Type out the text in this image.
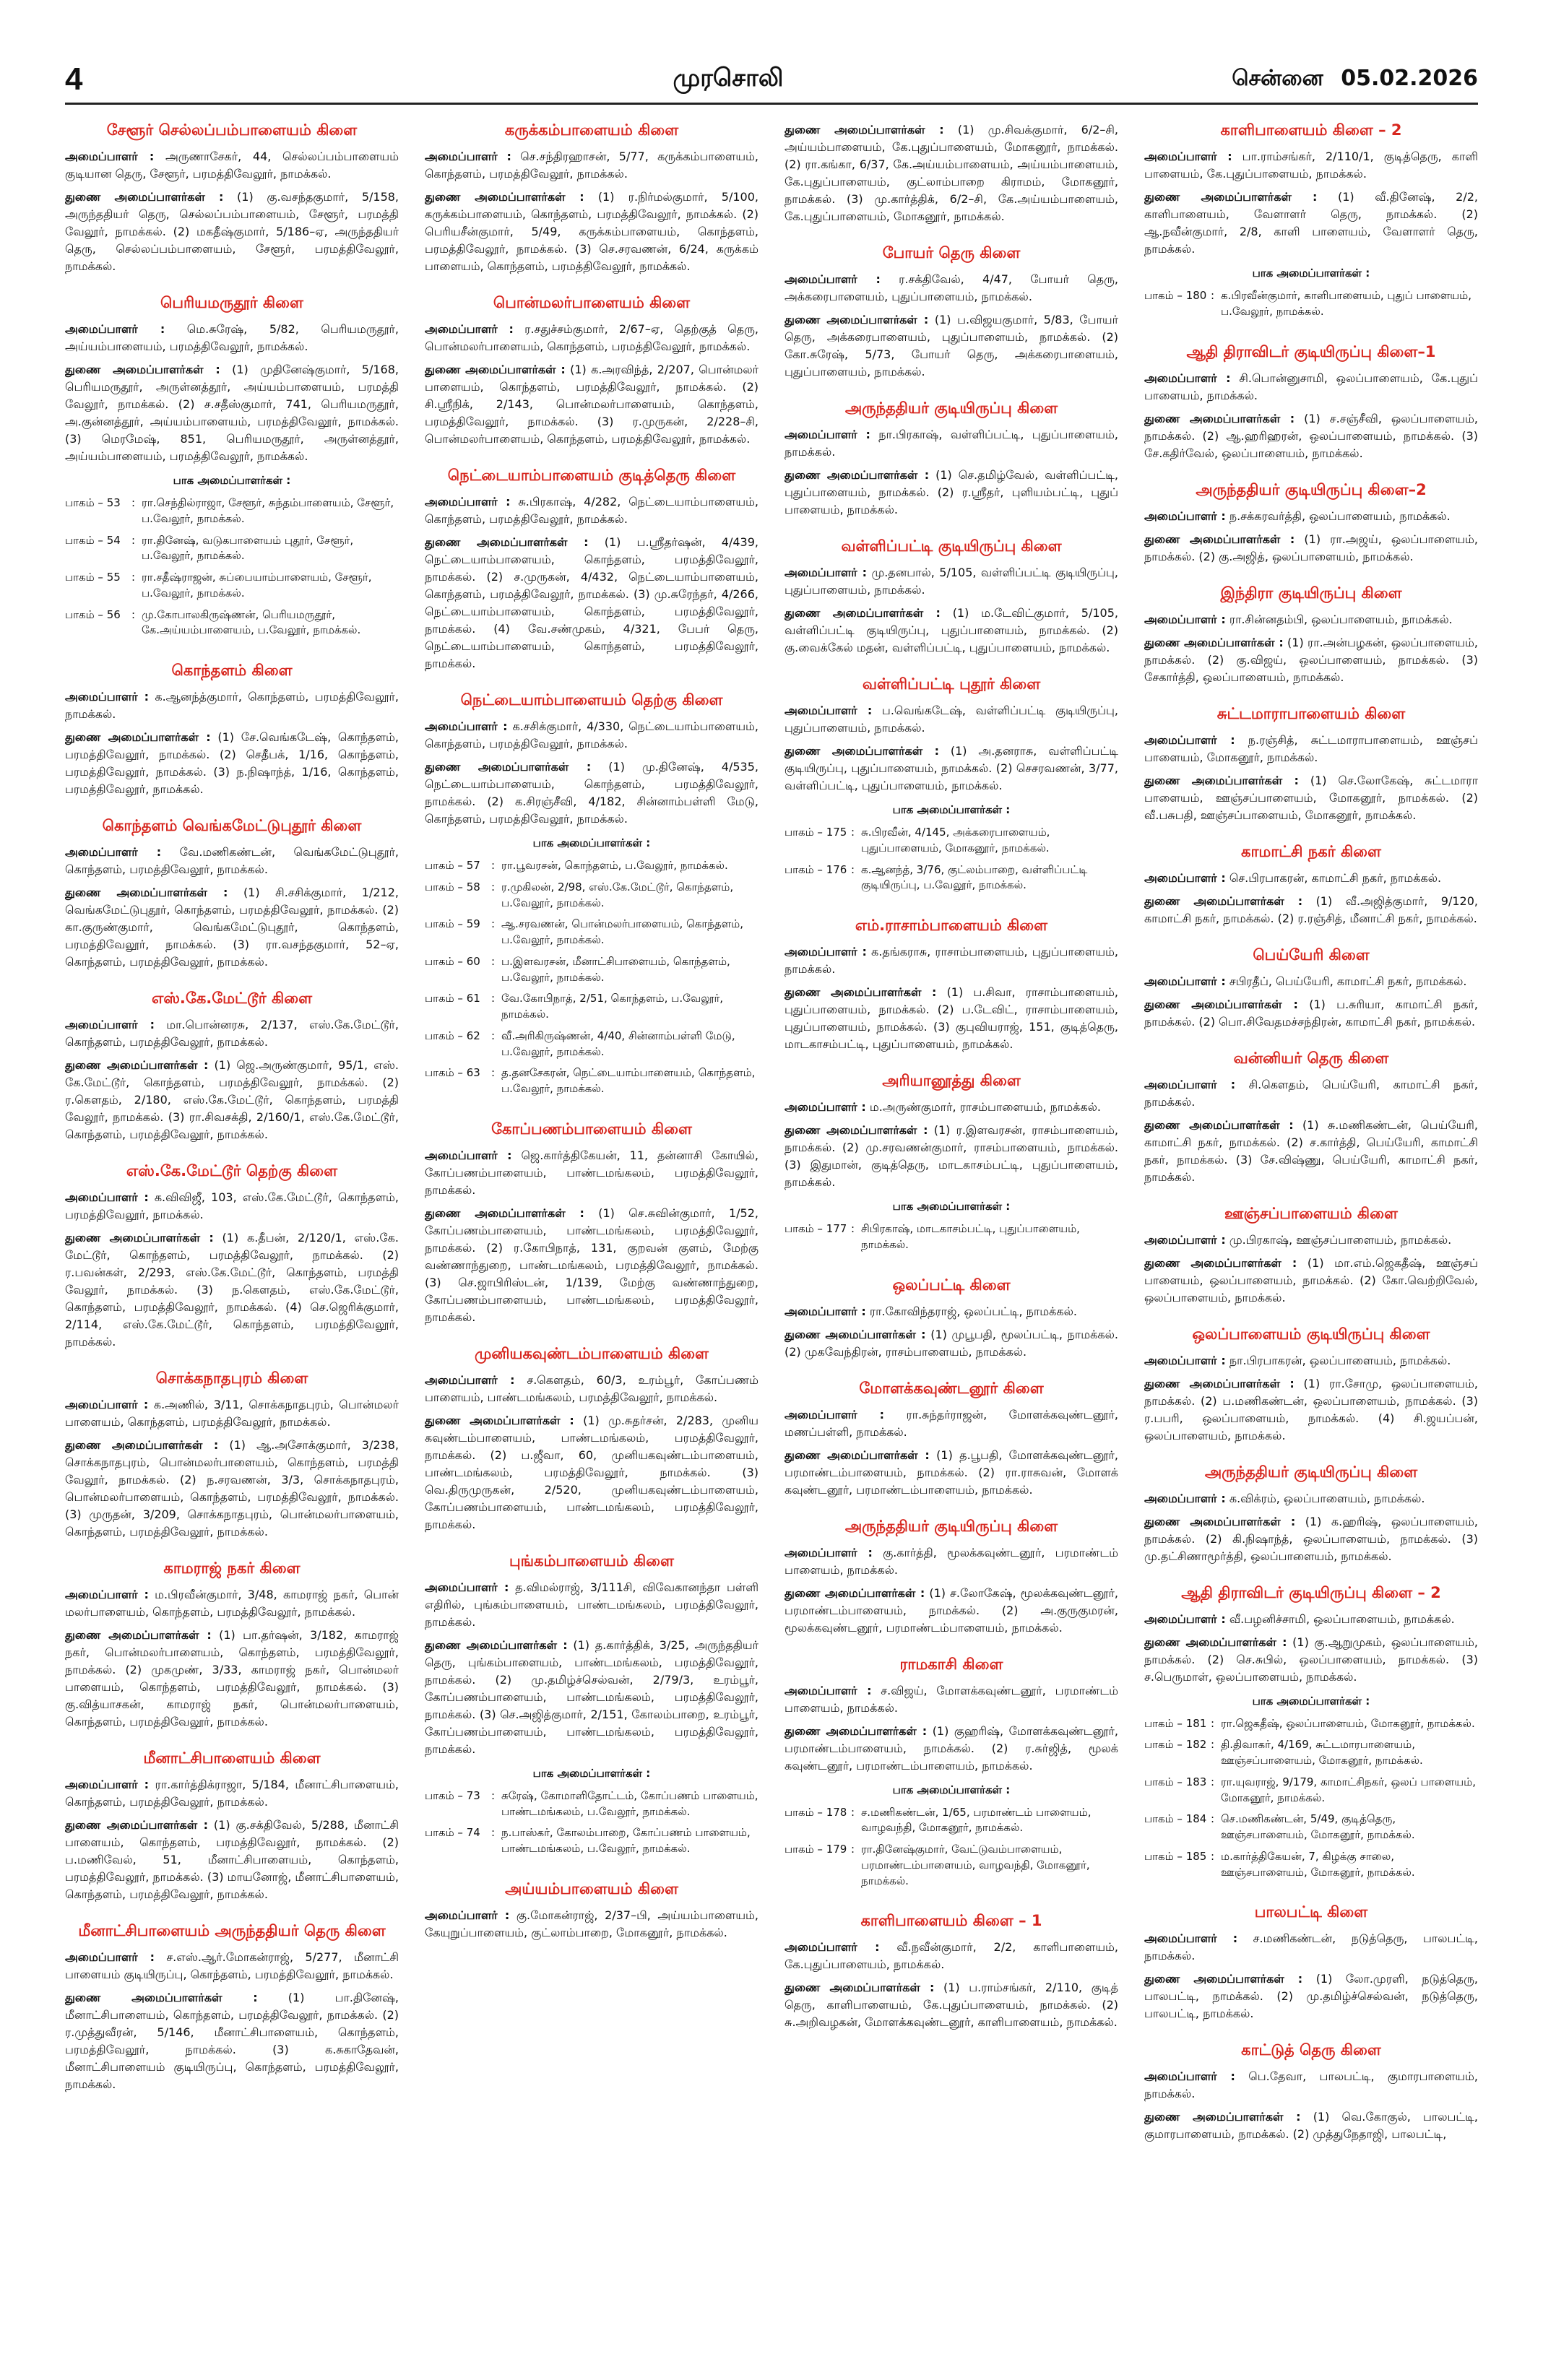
4	முரசொலி	சென்னை 05.02.2026
சேளூர் செல்லப்பம்பாளையம் கிளை

அமைப்பாளர் : அருணாசேகர், 44, செல்லப்பம்பாளையம் குடியான தெரு, சேளூர், பரமத்திவேலூர், நாமக்கல்.

துணை அமைப்பாளர்கள் : (1) கு.வசந்தகுமார், 5/158, அருந்ததியர் தெரு, செல்லப்பம்பாளையம், சேளூர், பரமத்தி வேலூர், நாமக்கல். (2) மகதீஷ்குமார், 5/186–ஏ, அருந்ததியர் தெரு, செல்லப்பம்பாளையம், சேளூர், பரமத்திவேலூர், நாமக்கல்.

பெரியமருதூர் கிளை

அமைப்பாளர் : மெ.சுரேஷ், 5/82, பெரியமருதூர், அய்யம்பாளையம், பரமத்திவேலூர், நாமக்கல்.

துணை அமைப்பாளர்கள் : (1) முதினேஷ்குமார், 5/168, பெரியமருதூர், அருள்னத்தூர், அய்யம்பாளையம், பரமத்தி வேலூர், நாமக்கல். (2) ச.சதீஸ்குமார், 741, பெரியமருதூர், அ.குன்னத்தூர், அய்யம்பாளையம், பரமத்திவேலூர், நாமக்கல். (3) மெரமேஷ், 851, பெரியமருதூர், அருள்னத்தூர், அய்யம்பாளையம், பரமத்திவேலூர், நாமக்கல்.

பாக அமைப்பாளர்கள் :
பாகம் – 53	:	ரா.செந்தில்ராஜா, சேளூர், சுந்தம்பாளையம், சேளூர், ப.வேலூர், நாமக்கல்.
பாகம் – 54	:	ரா.தினேஷ், வடுகபாளையம் புதூர், சேளூர், ப.வேலூர், நாமக்கல்.
பாகம் – 55	:	ரா.சதீஷ்ராஜன், சுப்பையாம்பாளையம், சேளூர், ப.வேலூர், நாமக்கல்.
பாகம் – 56	:	மு.கோபாலகிருஷ்ணன், பெரியமருதூர், கே.அய்யம்பாளையம், ப.வேலூர், நாமக்கல்.
கொந்தளம் கிளை

அமைப்பாளர் : க.ஆனந்த்குமார், கொந்தளம், பரமத்திவேலூர், நாமக்கல்.

துணை அமைப்பாளர்கள் : (1) சே.வெங்கடேஷ், கொந்தளம், பரமத்திவேலூர், நாமக்கல். (2) செதீபக், 1/16, கொந்தளம், பரமத்திவேலூர், நாமக்கல். (3) ந.நிஷாந்த், 1/16, கொந்தளம், பரமத்திவேலூர், நாமக்கல்.

கொந்தளம் வெங்கமேட்டுபுதூர் கிளை

அமைப்பாளர் : வே.மணிகண்டன், வெங்கமேட்டுபுதூர், கொந்தளம், பரமத்திவேலூர், நாமக்கல்.

துணை அமைப்பாளர்கள் : (1) சி.சசிக்குமார், 1/212, வெங்கமேட்டுபுதூர், கொந்தளம், பரமத்திவேலூர், நாமக்கல். (2) கா.குருண்குமார், வெங்கமேட்டுபுதூர், கொந்தளம், பரமத்திவேலூர், நாமக்கல். (3) ரா.வசந்தகுமார், 52–ஏ, கொந்தளம், பரமத்திவேலூர், நாமக்கல்.

எஸ்.கே.மேட்டூர் கிளை

அமைப்பாளர் : மா.பொன்னரசு, 2/137, எஸ்.கே.மேட்டூர், கொந்தளம், பரமத்திவேலூர், நாமக்கல்.

துணை அமைப்பாளர்கள் : (1) ஜெ.அருண்குமார், 95/1, எஸ். கே.மேட்டூர், கொந்தளம், பரமத்திவேலூர், நாமக்கல். (2) ர.கௌதம், 2/180, எஸ்.கே.மேட்டூர், கொந்தளம், பரமத்தி வேலூர், நாமக்கல். (3) ரா.சிவசக்தி, 2/160/1, எஸ்.கே.மேட்டூர், கொந்தளம், பரமத்திவேலூர், நாமக்கல்.

எஸ்.கே.மேட்டூர் தெற்கு கிளை

அமைப்பாளர் : க.விவிஜீ, 103, எஸ்.கே.மேட்டூர், கொந்தளம், பரமத்திவேலூர், நாமக்கல்.

துணை அமைப்பாளர்கள் : (1) க.தீபன், 2/120/1, எஸ்.கே. மேட்டூர், கொந்தளம், பரமத்திவேலூர், நாமக்கல். (2) ர.பவன்கள், 2/293, எஸ்.கே.மேட்டூர், கொந்தளம், பரமத்தி வேலூர், நாமக்கல். (3) ந.கௌதம், எஸ்.கே.மேட்டூர், கொந்தளம், பரமத்திவேலூர், நாமக்கல். (4) செ.ஜெரிக்குமார், 2/114, எஸ்.கே.மேட்டூர், கொந்தளம், பரமத்திவேலூர், நாமக்கல்.

சொக்கநாதபுரம் கிளை

அமைப்பாளர் : க.அணில், 3/11, சொக்கநாதபுரம், பொன்மலர் பாளையம், கொந்தளம், பரமத்திவேலூர், நாமக்கல்.

துணை அமைப்பாளர்கள் : (1) ஆ.அசோக்குமார், 3/238, சொக்கநாதபுரம், பொன்மலர்பாளையம், கொந்தளம், பரமத்தி வேலூர், நாமக்கல். (2) ந.சரவணன், 3/3, சொக்கநாதபுரம், பொன்மலர்பாளையம், கொந்தளம், பரமத்திவேலூர், நாமக்கல். (3) முருதன், 3/209, சொக்கநாதபுரம், பொன்மலர்பாளையம், கொந்தளம், பரமத்திவேலூர், நாமக்கல்.

காமராஜ் நகர் கிளை

அமைப்பாளர் : ம.பிரவீன்குமார், 3/48, காமராஜ் நகர், பொன் மலர்பாளையம், கொந்தளம், பரமத்திவேலூர், நாமக்கல்.

துணை அமைப்பாளர்கள் : (1) பா.தர்ஷன், 3/182, காமராஜ் நகர், பொன்மலர்பாளையம், கொந்தளம், பரமத்திவேலூர், நாமக்கல். (2) முகமுண், 3/33, காமராஜ் நகர், பொன்மலர் பாளையம், கொந்தளம், பரமத்திவேலூர், நாமக்கல். (3) கு.வித்யாசகன், காமராஜ் நகர், பொன்மலர்பாளையம், கொந்தளம், பரமத்திவேலூர், நாமக்கல்.

மீனாட்சிபாளையம் கிளை

அமைப்பாளர் : ரா.கார்த்திக்ராஜா, 5/184, மீனாட்சிபாளையம், கொந்தளம், பரமத்திவேலூர், நாமக்கல்.

துணை அமைப்பாளர்கள் : (1) கு.சக்திவேல், 5/288, மீனாட்சி பாளையம், கொந்தளம், பரமத்திவேலூர், நாமக்கல். (2) ப.மணிவேல், 51, மீனாட்சிபாளையம், கொந்தளம், பரமத்திவேலூர், நாமக்கல். (3) மாயனோஜ், மீனாட்சிபாளையம், கொந்தளம், பரமத்திவேலூர், நாமக்கல்.

மீனாட்சிபாளையம் அருந்ததியர் தெரு கிளை

அமைப்பாளர் : ச.எஸ்.ஆர்.மோகன்ராஜ், 5/277, மீனாட்சி பாளையம் குடியிருப்பு, கொந்தளம், பரமத்திவேலூர், நாமக்கல்.

துணை அமைப்பாளர்கள் :	(1) பா.தினேஷ், மீனாட்சிபாளையம், கொந்தளம், பரமத்திவேலூர், நாமக்கல். (2) ர.முத்துவீரன், 5/146, மீனாட்சிபாளையம், கொந்தளம், பரமத்திவேலூர், நாமக்கல். (3) க.சுகாதேவன், மீனாட்சிபாளையம் குடியிருப்பு, கொந்தளம், பரமத்திவேலூர், நாமக்கல்.

கருக்கம்பாளையம் கிளை

அமைப்பாளர் : செ.சந்திரஹாசன், 5/77, கருக்கம்பாளையம், கொந்தளம், பரமத்திவேலூர், நாமக்கல்.

துணை அமைப்பாளர்கள் : (1) ர.நிர்மல்குமார், 5/100, கருக்கம்பாளையம், கொந்தளம், பரமத்திவேலூர், நாமக்கல். (2) பெரியசீன்குமார், 5/49, கருக்கம்பாளையம், கொந்தளம், பரமத்திவேலூர், நாமக்கல். (3) செ.சரவணன், 6/24, கருக்கம் பாளையம், கொந்தளம், பரமத்திவேலூர், நாமக்கல்.

பொன்மலர்பாளையம் கிளை

அமைப்பாளர் : ர.சதுச்சம்குமார், 2/67–ஏ, தெற்குத் தெரு, பொன்மலர்பாளையம், கொந்தளம், பரமத்திவேலூர், நாமக்கல்.

துணை அமைப்பாளர்கள் : (1) க.அரவிந்த், 2/207, பொன்மலர் பாளையம், கொந்தளம், பரமத்திவேலூர், நாமக்கல். (2) சி.ஸ்ரீநிக், 2/143, பொன்மலர்பாளையம், கொந்தளம், பரமத்திவேலூர், நாமக்கல். (3) ர.முருகன், 2/228–சி, பொன்மலர்பாளையம், கொந்தளம், பரமத்திவேலூர், நாமக்கல்.

நெட்டையாம்பாளையம் குடித்தெரு கிளை

அமைப்பாளர் : சு.பிரகாஷ், 4/282, நெட்டையாம்பாளையம், கொந்தளம், பரமத்திவேலூர், நாமக்கல்.

துணை அமைப்பாளர்கள் : (1) ப.ஸ்ரீதர்ஷன், 4/439, நெட்டையாம்பாளையம், கொந்தளம், பரமத்திவேலூர், நாமக்கல். (2) ச.முருகன், 4/432, நெட்டையாம்பாளையம், கொந்தளம், பரமத்திவேலூர், நாமக்கல். (3) மு.சுரேந்தர், 4/266, நெட்டையாம்பாளையம், கொந்தளம், பரமத்திவேலூர், நாமக்கல். (4) வே.சண்முகம், 4/321, பேபர் தெரு, நெட்டையாம்பாளையம், கொந்தளம், பரமத்திவேலூர், நாமக்கல்.

நெட்டையாம்பாளையம் தெற்கு கிளை

அமைப்பாளர் : க.சசிக்குமார், 4/330, நெட்டையாம்பாளையம், கொந்தளம், பரமத்திவேலூர், நாமக்கல்.

துணை அமைப்பாளர்கள் : (1) மு.தினேஷ், 4/535, நெட்டையாம்பாளையம், கொந்தளம், பரமத்திவேலூர், நாமக்கல். (2) க.சிரஞ்சீவி, 4/182, சின்னாம்பள்ளி மேடு, கொந்தளம், பரமத்திவேலூர், நாமக்கல்.

பாக அமைப்பாளர்கள் :
பாகம் – 57	:	ரா.பூவரசன், கொந்தளம், ப.வேலூர், நாமக்கல்.
பாகம் – 58	:	ர.முகிலன், 2/98, எஸ்.கே.மேட்டூர், கொந்தளம், ப.வேலூர், நாமக்கல்.
பாகம் – 59	:	ஆ.சரவணன், பொன்மலர்பாளையம், கொந்தளம், ப.வேலூர், நாமக்கல்.
பாகம் – 60	:	ப.இளவரசன், மீனாட்சிபாளையம், கொந்தளம், ப.வேலூர், நாமக்கல்.
பாகம் – 61	:	வே.கோபிநாத், 2/51, கொந்தளம், ப.வேலூர், நாமக்கல்.
பாகம் – 62	:	வீ.அரிகிருஷ்ணன், 4/40, சின்னாம்பள்ளி மேடு, ப.வேலூர், நாமக்கல்.
பாகம் – 63	:	த.தனசேகரன், நெட்டையாம்பாளையம், கொந்தளம், ப.வேலூர், நாமக்கல்.
கோப்பணம்பாளையம் கிளை

அமைப்பாளர் : ஜெ.கார்த்திகேயன், 11, தன்னாசி கோயில், கோப்பணம்பாளையம், பாண்டமங்கலம், பரமத்திவேலூர், நாமக்கல்.

துணை அமைப்பாளர்கள் : (1) செ.சுவின்குமார், 1/52, கோப்பணம்பாளையம், பாண்டமங்கலம், பரமத்திவேலூர், நாமக்கல். (2) ர.கோபிநாத், 131, குறவன் குளம், மேற்கு வண்ணாந்துறை, பாண்டமங்கலம், பரமத்திவேலூர், நாமக்கல். (3) செ.ஜாபிரிஸ்டன், 1/139, மேற்கு வண்ணாந்துறை, கோப்பணம்பாளையம், பாண்டமங்கலம், பரமத்திவேலூர், நாமக்கல்.

முனியகவுண்டம்பாளையம் கிளை

அமைப்பாளர் : ச.கௌதம், 60/3, உரம்பூர், கோப்பணம் பாளையம், பாண்டமங்கலம், பரமத்திவேலூர், நாமக்கல்.

துணை அமைப்பாளர்கள் : (1) மு.சுதர்சன், 2/283, முனிய கவுண்டம்பாளையம், பாண்டமங்கலம், பரமத்திவேலூர், நாமக்கல். (2) ப.ஜீவா, 60, முனியகவுண்டம்பாளையம், பாண்டமங்கலம், பரமத்திவேலூர், நாமக்கல். (3) வெ.திருமுருகன், 2/520, முனியகவுண்டம்பாளையம், கோப்பணம்பாளையம், பாண்டமங்கலம், பரமத்திவேலூர், நாமக்கல்.

புங்கம்பாளையம் கிளை

அமைப்பாளர் : த.விமல்ராஜ், 3/111சி, விவேகானந்தா பள்ளி எதிரில், புங்கம்பாளையம், பாண்டமங்கலம், பரமத்திவேலூர், நாமக்கல்.

துணை அமைப்பாளர்கள் : (1) த.கார்த்திக், 3/25, அருந்ததியர் தெரு, புங்கம்பாளையம், பாண்டமங்கலம், பரமத்திவேலூர், நாமக்கல். (2) மு.தமிழ்ச்செல்வன், 2/79/3, உரம்பூர், கோப்பணம்பாளையம், பாண்டமங்கலம், பரமத்திவேலூர், நாமக்கல். (3) செ.அஜித்குமார், 2/151, கோலம்பாறை, உரம்பூர், கோப்பணம்பாளையம், பாண்டமங்கலம், பரமத்திவேலூர், நாமக்கல்.

பாக அமைப்பாளர்கள் :
பாகம் – 73	:	சுரேஷ், கோமாளிதோட்டம், கோப்பணம் பாளையம், பாண்டமங்கலம், ப.வேலூர், நாமக்கல்.
பாகம் – 74	:	ந.பாஸ்கர், கோலம்பாறை, கோப்பணம் பாளையம், பாண்டமங்கலம், ப.வேலூர், நாமக்கல்.
அய்யம்பாளையம் கிளை

அமைப்பாளர் : கு.மோகன்ராஜ், 2/37–பி, அய்யம்பாளையம், கேயுறுப்பாளையம், குட்லாம்பாறை, மோகனூர், நாமக்கல்.

துணை அமைப்பாளர்கள் : (1) மு.சிவக்குமார், 6/2–சி, அய்யம்பாளையம், கே.புதுப்பாளையம், மோகனூர், நாமக்கல். (2) ரா.கங்கா, 6/37, கே.அய்யம்பாளையம், அய்யம்பாளையம், கே.புதுப்பாளையம், குட்லாம்பாறை கிராமம், மோகனூர், நாமக்கல். (3) மு.கார்த்திக், 6/2–சி, கே.அய்யம்பாளையம், கே.புதுப்பாளையம், மோகனூர், நாமக்கல்.

போயர் தெரு கிளை

அமைப்பாளர் : ர.சக்திவேல், 4/47, போயர் தெரு, அக்கரைபாளையம், புதுப்பாளையம், நாமக்கல்.

துணை அமைப்பாளர்கள் : (1) ப.விஜயகுமார், 5/83, போயர் தெரு, அக்கரைபாளையம், புதுப்பாளையம், நாமக்கல். (2) கோ.சுரேஷ், 5/73, போயர் தெரு, அக்கரைபாளையம், புதுப்பாளையம், நாமக்கல்.

அருந்ததியர் குடியிருப்பு கிளை

அமைப்பாளர் : நா.பிரகாஷ், வள்ளிப்பட்டி, புதுப்பாளையம், நாமக்கல்.

துணை அமைப்பாளர்கள் : (1) செ.தமிழ்வேல், வள்ளிப்பட்டி, புதுப்பாளையம், நாமக்கல். (2) ர.ஸ்ரீதர், புளியம்பட்டி, புதுப் பாளையம், நாமக்கல்.

வள்ளிப்பட்டி குடியிருப்பு கிளை

அமைப்பாளர் : மு.தனபால், 5/105, வள்ளிப்பட்டி குடியிருப்பு, புதுப்பாளையம், நாமக்கல்.

துணை அமைப்பாளர்கள் : (1) ம.டேவிட்குமார், 5/105, வள்ளிப்பட்டி குடியிருப்பு, புதுப்பாளையம், நாமக்கல். (2) கு.வைக்கேல் மதன், வள்ளிப்பட்டி, புதுப்பாளையம், நாமக்கல்.

வள்ளிப்பட்டி புதூர் கிளை

அமைப்பாளர் : ப.வெங்கடேஷ், வள்ளிப்பட்டி குடியிருப்பு, புதுப்பாளையம், நாமக்கல்.

துணை அமைப்பாளர்கள் : (1) அ.தனராசு, வள்ளிப்பட்டி குடியிருப்பு, புதுப்பாளையம், நாமக்கல். (2) செசரவணன், 3/77, வள்ளிப்பட்டி, புதுப்பாளையம், நாமக்கல்.

பாக அமைப்பாளர்கள் :
பாகம் – 175	:	சு.பிரவீன், 4/145, அக்கரைபாளையம், புதுப்பாளையம், மோகனூர், நாமக்கல்.
பாகம் – 176	:	க.ஆனந்த், 3/76, குட்லம்பாறை, வள்ளிப்பட்டி குடியிருப்பு, ப.வேலூர், நாமக்கல்.
எம்.ராசாம்பாளையம் கிளை

அமைப்பாளர் : க.தங்கராசு, ராசாம்பாளையம், புதுப்பாளையம், நாமக்கல்.

துணை அமைப்பாளர்கள் : (1) ப.சிவா, ராசாம்பாளையம், புதுப்பாளையம், நாமக்கல். (2) ப.டேவிட், ராசாம்பாளையம், புதுப்பாளையம், நாமக்கல். (3) குபுவியராஜ், 151, குடித்தெரு, மாடகாசம்பட்டி, புதுப்பாளையம், நாமக்கல்.

அரியானூத்து கிளை

அமைப்பாளர் : ம.அருண்குமார், ராசம்பாளையம், நாமக்கல்.

துணை அமைப்பாளர்கள் : (1) ர.இளவரசன், ராசம்பாளையம், நாமக்கல். (2) மு.சரவணன்குமார், ராசம்பாளையம், நாமக்கல். (3) இதுமான், குடித்தெரு, மாடகாசம்பட்டி, புதுப்பாளையம், நாமக்கல்.

பாக அமைப்பாளர்கள் :
பாகம் – 177	:	சிபிரகாஷ், மாடகாசம்பட்டி, புதுப்பாளையம், நாமக்கல்.
ஒலப்பட்டி கிளை

அமைப்பாளர் : ரா.கோவிந்தராஜ், ஒலப்பட்டி, நாமக்கல்.

துணை அமைப்பாளர்கள் : (1) முபூபதி, மூலப்பட்டி, நாமக்கல். (2) முகவேந்திரன், ராசம்பாளையம், நாமக்கல்.

மோளக்கவுண்டனூர் கிளை

அமைப்பாளர் : ரா.சுந்தர்ராஜன், மோளக்கவுண்டனூர், மணப்பள்ளி, நாமக்கல்.

துணை அமைப்பாளர்கள் : (1) த.பூபதி, மோளக்கவுண்டனூர், பரமாண்டம்பாளையம், நாமக்கல். (2) ரா.ராசுவன், மோளக் கவுண்டனூர், பரமாண்டம்பாளையம், நாமக்கல்.

அருந்ததியர் குடியிருப்பு கிளை

அமைப்பாளர் : கு.கார்த்தி, மூலக்கவுண்டனூர், பரமாண்டம் பாளையம், நாமக்கல்.

துணை அமைப்பாளர்கள் : (1) ச.லோகேஷ், மூலக்கவுண்டனூர், பரமாண்டம்பாளையம், நாமக்கல். (2) அ.குருகுமரன், மூலக்கவுண்டனூர், பரமாண்டம்பாளையம், நாமக்கல்.

ராமகாசி கிளை

அமைப்பாளர் : ச.விஜய், மோளக்கவுண்டனூர், பரமாண்டம் பாளையம், நாமக்கல்.

துணை அமைப்பாளர்கள் : (1) குஹரிஷ், மோளக்கவுண்டனூர், பரமாண்டம்பாளையம், நாமக்கல். (2) ர.சுர்ஜித், மூலக் கவுண்டனூர், பரமாண்டம்பாளையம், நாமக்கல்.

பாக அமைப்பாளர்கள் :
பாகம் – 178	:	ச.மணிகண்டன், 1/65, பரமாண்டம் பாளையம், வாழவந்தி, மோகனூர், நாமக்கல்.
பாகம் – 179	:	ரா.தினேஷ்குமார், வேட்டுவம்பாளையம், பரமாண்டம்பாளையம், வாழவந்தி, மோகனூர், நாமக்கல்.
காளிபாளையம் கிளை – 1

அமைப்பாளர் : வீ.நவீன்குமார், 2/2, காளிபாளையம், கே.புதுப்பாளையம், நாமக்கல்.

துணை அமைப்பாளர்கள் : (1) ப.ராம்சங்கர், 2/110, குடித் தெரு, காளிபாளையம், கே.புதுப்பாளையம், நாமக்கல். (2) சு.அறிவழகன், மோளக்கவுண்டனூர், காளிபாளையம், நாமக்கல்.

காளிபாளையம் கிளை – 2

அமைப்பாளர் : பா.ராம்சங்கர், 2/110/1, குடித்தெரு, காளி பாளையம், கே.புதுப்பாளையம், நாமக்கல்.

துணை அமைப்பாளர்கள் : (1) வீ.தினேஷ், 2/2, காளிபாளையம், வேளாளர் தெரு, நாமக்கல். (2) ஆ.நவீன்குமார், 2/8, காளி பாளையம், வேளாளர் தெரு, நாமக்கல்.

பாக அமைப்பாளர்கள் :
பாகம் – 180	:	க.பிரவீன்குமார், காளிபாளையம், புதுப் பாளையம், ப.வேலூர், நாமக்கல்.
ஆதி திராவிடர் குடியிருப்பு கிளை–1

அமைப்பாளர் : சி.பொன்னுசாமி, ஒலப்பாளையம், கே.புதுப் பாளையம், நாமக்கல்.

துணை அமைப்பாளர்கள் : (1) ச.சஞ்சீவி, ஒலப்பாளையம், நாமக்கல். (2) ஆ.ஹரிஹரன், ஒலப்பாளையம், நாமக்கல். (3) சே.கதிர்வேல், ஒலப்பாளையம், நாமக்கல்.

அருந்ததியர் குடியிருப்பு கிளை–2

அமைப்பாளர் : ந.சக்கரவர்த்தி, ஒலப்பாளையம், நாமக்கல்.

துணை அமைப்பாளர்கள் : (1) ரா.அஜய், ஒலப்பாளையம், நாமக்கல். (2) கு.அஜித், ஒலப்பாளையம், நாமக்கல்.

இந்திரா குடியிருப்பு கிளை

அமைப்பாளர் : ரா.சின்னதம்பி, ஒலப்பாளையம், நாமக்கல்.

துணை அமைப்பாளர்கள் : (1) ரா.அன்பழகன், ஒலப்பாளையம், நாமக்கல். (2) கு.விஜய், ஒலப்பாளையம், நாமக்கல். (3) சேகார்த்தி, ஒலப்பாளையம், நாமக்கல்.

சுட்டமாராபாளையம் கிளை

அமைப்பாளர் : ந.ரஞ்சித், சுட்டமாராபாளையம், ஊஞ்சப் பாளையம், மோகனூர், நாமக்கல்.

துணை அமைப்பாளர்கள் : (1) செ.லோகேஷ், சுட்டமாரா பாளையம், ஊஞ்சப்பாளையம், மோகனூர், நாமக்கல். (2) வீ.பசுபதி, ஊஞ்சப்பாளையம், மோகனூர், நாமக்கல்.

காமாட்சி நகர் கிளை

அமைப்பாளர் : செ.பிரபாகரன், காமாட்சி நகர், நாமக்கல்.

துணை அமைப்பாளர்கள் : (1) வீ.அஜித்குமார், 9/120, காமாட்சி நகர், நாமக்கல். (2) ர.ரஞ்சித், மீனாட்சி நகர், நாமக்கல்.

பெய்யேரி கிளை

அமைப்பாளர் : சபிரதீப், பெய்யேரி, காமாட்சி நகர், நாமக்கல்.

துணை அமைப்பாளர்கள் : (1) ப.சுரியா, காமாட்சி நகர், நாமக்கல். (2) பொ.சிவேதமச்சந்திரன், காமாட்சி நகர், நாமக்கல்.

வன்னியர் தெரு கிளை

அமைப்பாளர் : சி.கௌதம், பெய்யேரி, காமாட்சி நகர், நாமக்கல்.

துணை அமைப்பாளர்கள் : (1) சு.மணிகண்டன், பெய்யேரி, காமாட்சி நகர், நாமக்கல். (2) ச.கார்த்தி, பெய்யேரி, காமாட்சி நகர், நாமக்கல். (3) சே.விஷ்ணு, பெய்யேரி, காமாட்சி நகர், நாமக்கல்.

ஊஞ்சப்பாளையம் கிளை

அமைப்பாளர் : மு.பிரகாஷ், ஊஞ்சப்பாளையம், நாமக்கல்.

துணை அமைப்பாளர்கள் : (1) மா.எம்.ஜெகதீஷ், ஊஞ்சப் பாளையம், ஒலப்பாளையம், நாமக்கல். (2) கோ.வெற்றிவேல், ஒலப்பாளையம், நாமக்கல்.

ஒலப்பாளையம் குடியிருப்பு கிளை

அமைப்பாளர் : நா.பிரபாகரன், ஒலப்பாளையம், நாமக்கல்.

துணை அமைப்பாளர்கள் : (1) ரா.சோமு, ஒலப்பாளையம், நாமக்கல். (2) ப.மணிகண்டன், ஒலப்பாளையம், நாமக்கல். (3) ர.பபரி, ஒலப்பாளையம், நாமக்கல். (4) சி.ஜயப்பன், ஒலப்பாளையம், நாமக்கல்.

அருந்ததியர் குடியிருப்பு கிளை

அமைப்பாளர் : க.விக்ரம், ஒலப்பாளையம், நாமக்கல்.

துணை அமைப்பாளர்கள் : (1) க.ஹரிஷ், ஒலப்பாளையம், நாமக்கல். (2) கி.நிஷாந்த், ஒலப்பாளையம், நாமக்கல். (3) மு.தட்சிணாமூர்த்தி, ஒலப்பாளையம், நாமக்கல்.

ஆதி திராவிடர் குடியிருப்பு கிளை – 2

அமைப்பாளர் : வீ.பழனிச்சாமி, ஒலப்பாளையம், நாமக்கல்.

துணை அமைப்பாளர்கள் : (1) கு.ஆறுமுகம், ஒலப்பாளையம், நாமக்கல். (2) செ.சுபில், ஒலப்பாளையம், நாமக்கல். (3) ச.பெருமாள், ஒலப்பாளையம், நாமக்கல்.

பாக அமைப்பாளர்கள் :
பாகம் – 181	:	ரா.ஜெகதீஷ், ஒலப்பாளையம், மோகனூர், நாமக்கல்.
பாகம் – 182	:	தி.திவாகர், 4/169, சுட்டமாரபாளையம், ஊஞ்சப்பாளையம், மோகனூர், நாமக்கல்.
பாகம் – 183	:	ரா.யுவராஜ், 9/179, காமாட்சிநகர், ஒலப் பாளையம், மோகனூர், நாமக்கல்.
பாகம் – 184	:	செ.மணிகண்டன், 5/49, குடித்தெரு, ஊஞ்சபாளையம், மோகனூர், நாமக்கல்.
பாகம் – 185	:	ம.கார்த்திகேயன், 7, கிழக்கு சாலை, ஊஞ்சபாளையம், மோகனூர், நாமக்கல்.
பாலபட்டி கிளை

அமைப்பாளர் : ச.மணிகண்டன், நடுத்தெரு, பாலபட்டி, நாமக்கல்.

துணை அமைப்பாளர்கள் : (1) லோ.முரளி, நடுத்தெரு, பாலபட்டி, நாமக்கல். (2) மு.தமிழ்ச்செல்வன், நடுத்தெரு, பாலபட்டி, நாமக்கல்.

காட்டுத் தெரு கிளை

அமைப்பாளர் : பெ.தேவா, பாலபட்டி, குமாரபாளையம், நாமக்கல்.

துணை அமைப்பாளர்கள் : (1) வெ.கோகுல், பாலபட்டி, குமாரபாளையம், நாமக்கல். (2) முத்துநேதாஜி, பாலபட்டி,
